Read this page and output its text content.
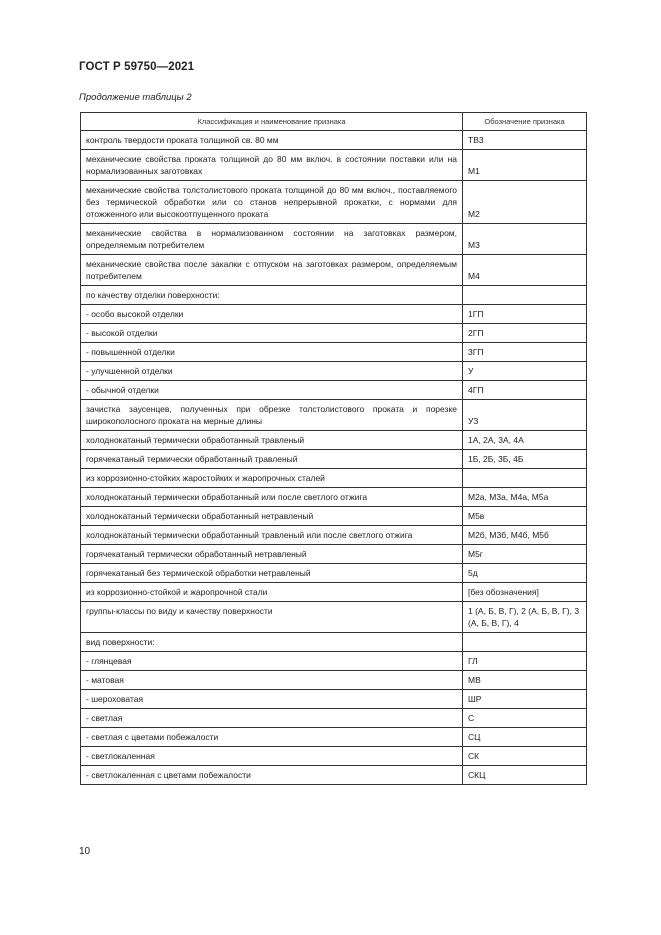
ГОСТ Р 59750—2021
Продолжение таблицы 2
Классификация и наименование признака	Обозначение признака
контроль твердости проката толщиной св. 80 мм	ТВ3
механические свойства проката толщиной до 80 мм включ. в состоянии поставки или на нормализованных заготовках	М1
механические свойства толстолистового проката толщиной до 80 мм включ., поставляемого без термической обработки или со станов непрерывной прокатки, с нормами для отожженного или высокоотпущенного проката	М2
механические свойства в нормализованном состоянии на заготовках размером, определяемым потребителем	М3
механические свойства после закалки с отпуском на заготовках размером, определяемым потребителем	М4
по качеству отделки поверхности:	
- особо высокой отделки	1ГП
- высокой отделки	2ГП
- повышенной отделки	3ГП
- улучшенной отделки	У
- обычной отделки	4ГП
зачистка заусенцев, полученных при обрезке толстолистового проката и порезке широкополосного проката на мерные длины	УЗ
холоднокатаный термически обработанный травленый	1А, 2А, 3А, 4А
горячекатаный термически обработанный травленый	1Б, 2Б, 3Б, 4Б
из коррозионно-стойких жаростойких и жаропрочных сталей	
холоднокатаный термически обработанный или после светлого отжига	М2а, М3а, М4а, М5а
холоднокатаный термически обработанный нетравленый	М5в
холоднокатаный термически обработанный травленый или после светлого отжига	М2б, М3б, М4б, М5б
горячекатаный термически обработанный нетравленый	М5г
горячекатаный без термической обработки нетравленый	5д
из коррозионно-стойкой и жаропрочной стали	[без обозначения]
группы-классы по виду и качеству поверхности	1 (А, Б, В, Г), 2 (А, Б, В, Г), 3 (А, Б, В, Г), 4
вид поверхности:	
- глянцевая	ГЛ
- матовая	МВ
- шероховатая	ШР
- светлая	С
- светлая с цветами побежалости	СЦ
- светлокаленная	СК
- светлокаленная с цветами побежалости	СКЦ
10
